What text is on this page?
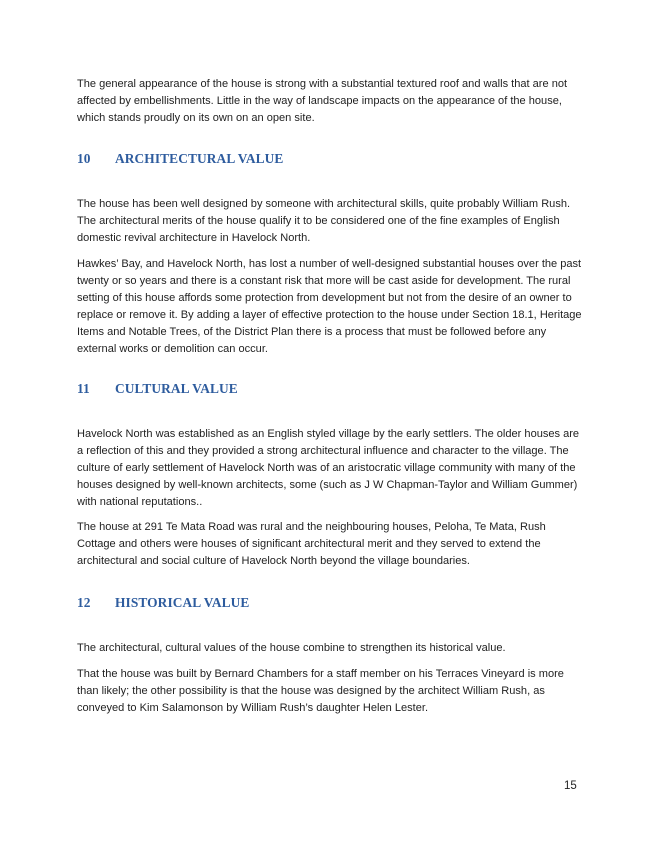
The general appearance of the house is strong with a substantial textured roof and walls that are not affected by embellishments. Little in the way of landscape impacts on the appearance of the house, which stands proudly on its own on an open site.

10 ARCHITECTURAL VALUE

The house has been well designed by someone with architectural skills, quite probably William Rush. The architectural merits of the house qualify it to be considered one of the fine examples of English domestic revival architecture in Havelock North.

Hawkes’ Bay, and Havelock North, has lost a number of well-designed substantial houses over the past twenty or so years and there is a constant risk that more will be cast aside for development. The rural setting of this house affords some protection from development but not from the desire of an owner to replace or remove it. By adding a layer of effective protection to the house under Section 18.1, Heritage Items and Notable Trees, of the District Plan there is a process that must be followed before any external works or demolition can occur.

11 CULTURAL VALUE

Havelock North was established as an English styled village by the early settlers. The older houses are a reflection of this and they provided a strong architectural influence and character to the village. The culture of early settlement of Havelock North was of an aristocratic village community with many of the houses designed by well-known architects, some (such as J W Chapman-Taylor and William Gummer) with national reputations..

The house at 291 Te Mata Road was rural and the neighbouring houses, Peloha, Te Mata, Rush Cottage and others were houses of significant architectural merit and they served to extend the architectural and social culture of Havelock North beyond the village boundaries.

12 HISTORICAL VALUE

The architectural, cultural values of the house combine to strengthen its historical value.

That the house was built by Bernard Chambers for a staff member on his Terraces Vineyard is more than likely; the other possibility is that the house was designed by the architect William Rush, as conveyed to Kim Salamonson by William Rush’s daughter Helen Lester.

15
